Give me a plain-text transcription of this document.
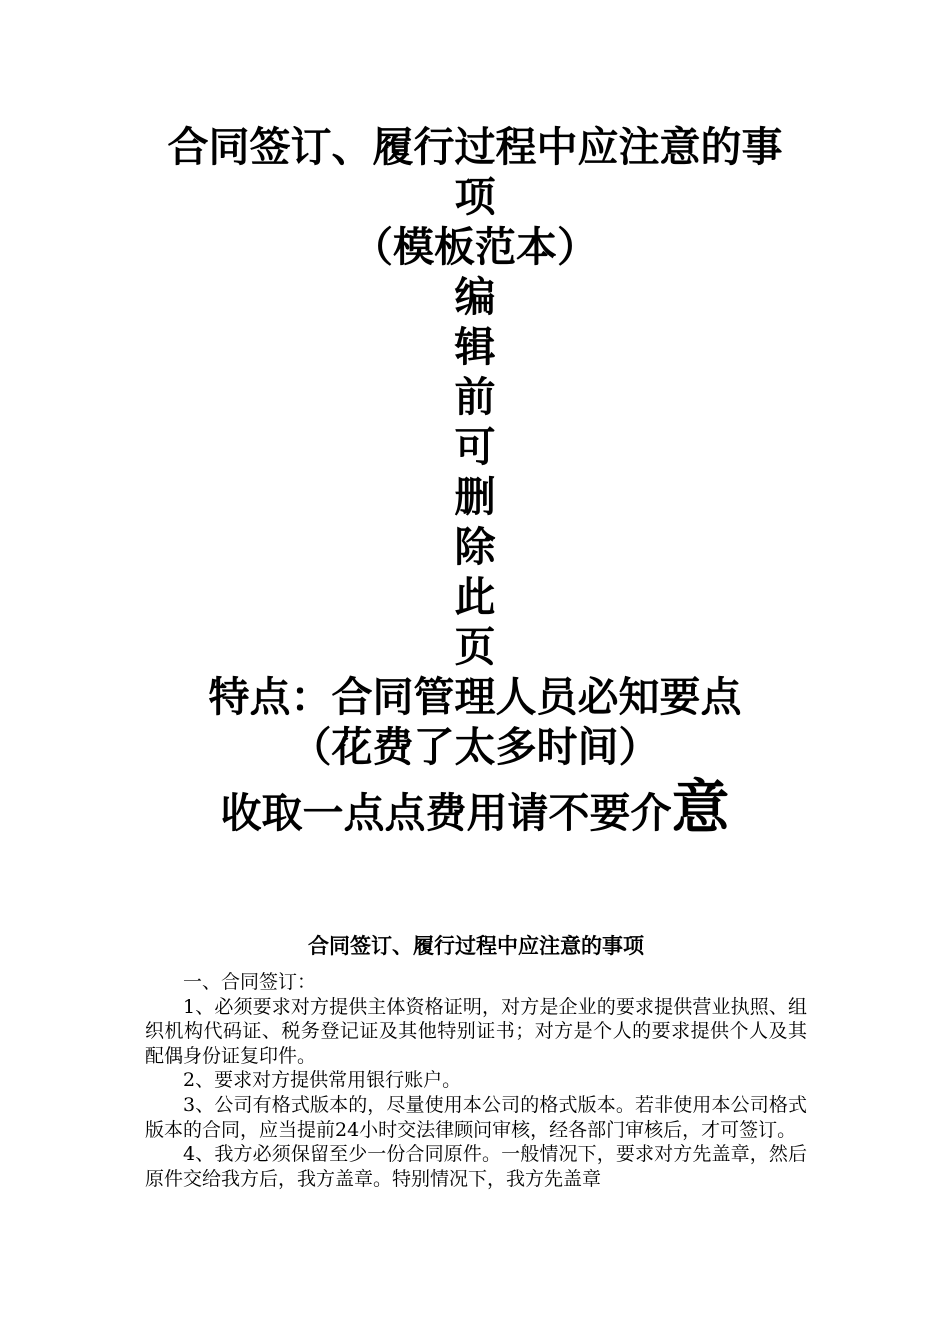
合同签订、履行过程中应注意的事项
（模板范本）
编
辑
前
可
删
除
此
页
特点：合同管理人员必知要点
（花费了太多时间）
收取一点点费用请不要介意
合同签订、履行过程中应注意的事项

一、合同签订：

1、必须要求对方提供主体资格证明，对方是企业的要求提供营业执照、组织机构代码证、税务登记证及其他特别证书；对方是个人的要求提供个人及其配偶身份证复印件。

2、要求对方提供常用银行账户。

3、公司有格式版本的，尽量使用本公司的格式版本。若非使用本公司格式版本的合同，应当提前24小时交法律顾问审核，经各部门审核后，才可签订。

4、我方必须保留至少一份合同原件。一般情况下，要求对方先盖章，然后原件交给我方后，我方盖章。特别情况下，我方先盖章
